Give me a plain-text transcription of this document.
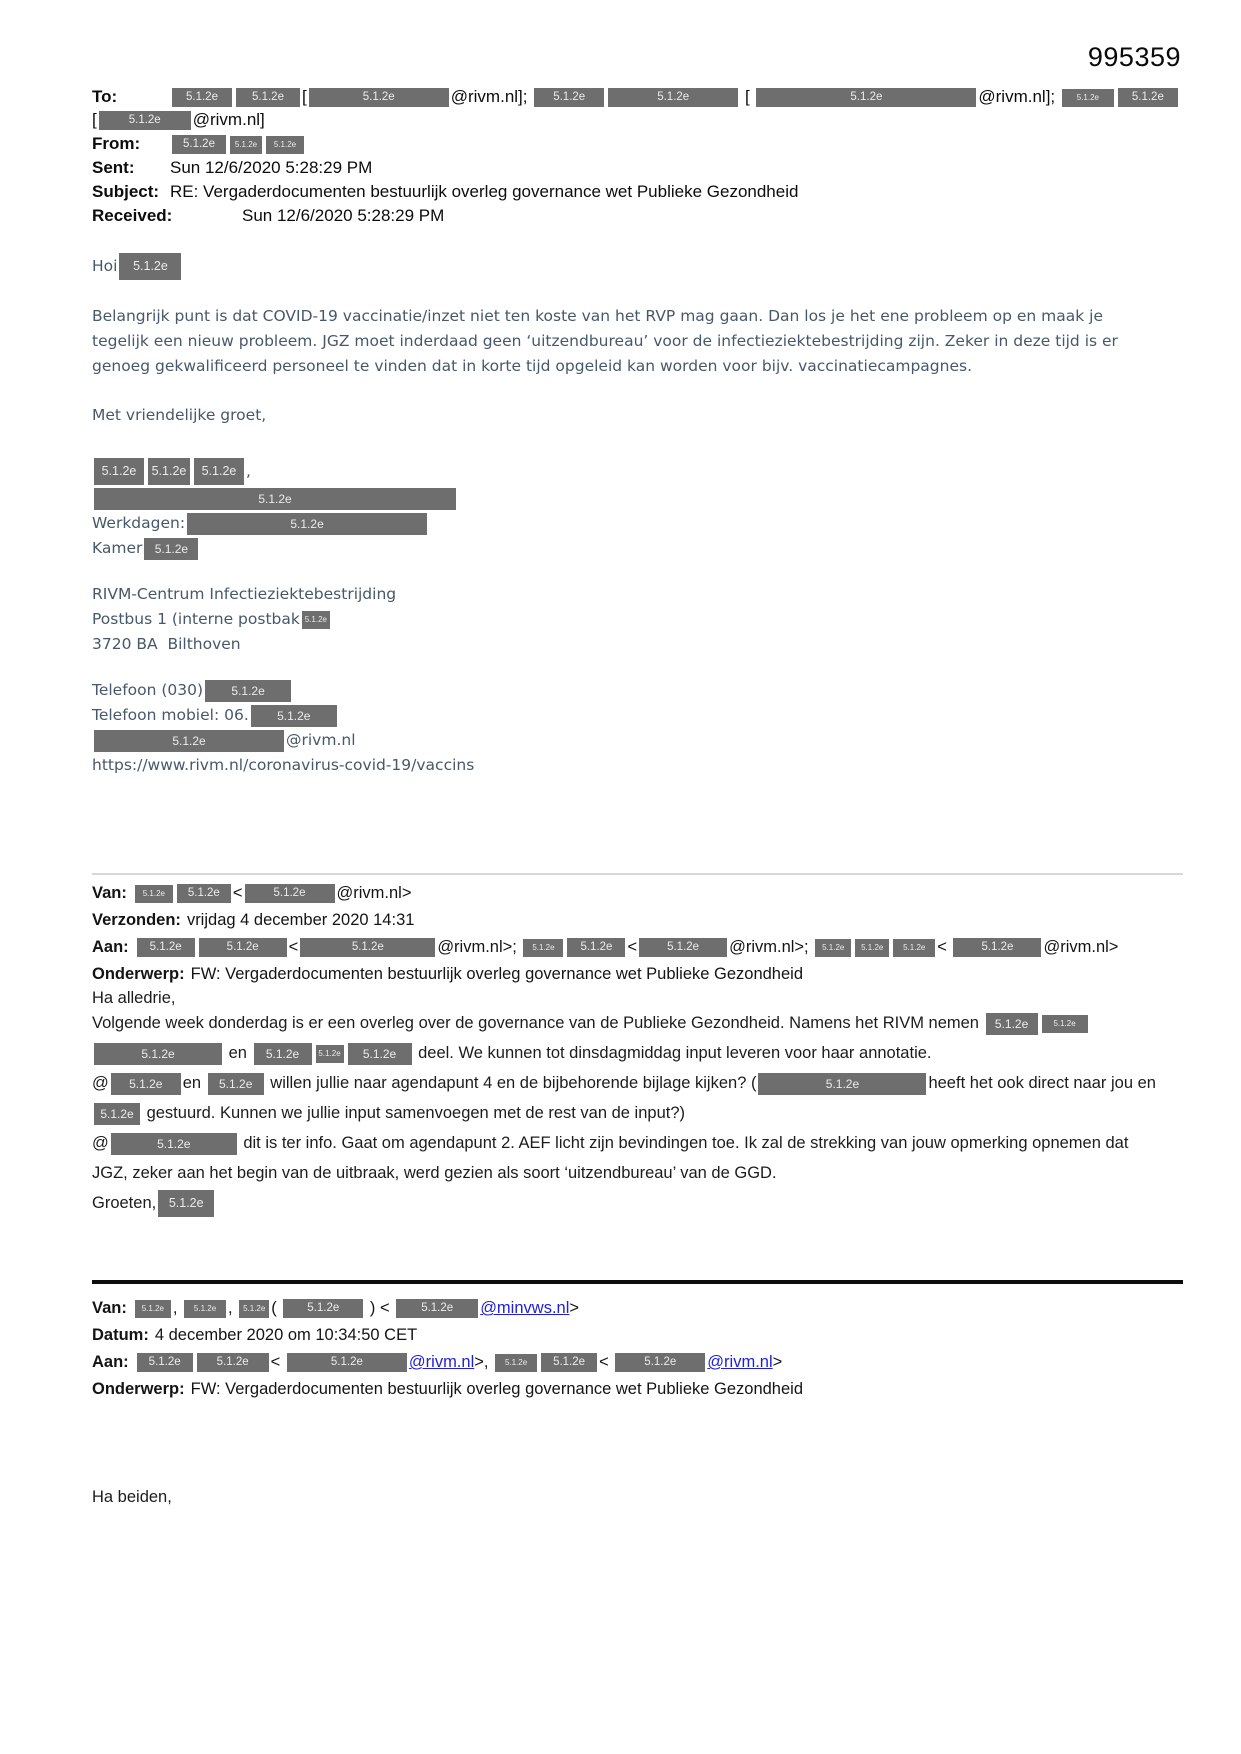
995359

To:	5.1.2e	5.1.2e [	5.1.2e	@rivm.nl]; 5.1.2e	5.1.2e	[	5.1.2e	@rivm.nl]; 5.1.2e	5.1.2e[	5.1.2e @rivm.nl]

From:	5.1.2e 5.1.2e 5.1.2e

Sent: Sun 12/6/2020 5:28:29 PM

Subject: RE: Vergaderdocumenten bestuurlijk overleg governance wet Publieke Gezondheid

Received:	Sun 12/6/2020 5:28:29 PM

Hoi 5.1.2e

Belangrijk punt is dat COVID-19 vaccinatie/inzet niet ten koste van het RVP mag gaan. Dan los je het ene probleem op en maak je tegelijk een nieuw probleem. JGZ moet inderdaad geen ‘uitzendbureau’ voor de infectieziektebestrijding zijn. Zeker in deze tijd is er genoeg gekwalificeerd personeel te vinden dat in korte tijd opgeleid kan worden voor bijv. vaccinatiecampagnes.

Met vriendelijke groet,

5.1.2e 5.1.2e 5.1.2e ,

5.1.2e

Werkdagen:	5.1.2e

Kamer 5.1.2e

RIVM-Centrum Infectieziektebestrijding

Postbus 1 (interne postbak 5.1.2e

3720 BA  Bilthoven

Telefoon (030) 5.1.2e

Telefoon mobiel: 06. 5.1.2e

5.1.2e	@rivm.nl

https://www.rivm.nl/coronavirus-covid-19/vaccins

Van: 5.1.2e 5.1.2e <	5.1.2e @rivm.nl>

Verzonden: vrijdag 4 december 2020 14:31

Aan: 5.1.2e	5.1.2e <	5.1.2e	@rivm.nl>; 5.1.2e 5.1.2e <	5.1.2e @rivm.nl>; 5.1.2e 5.1.2e 5.1.2e <	5.1.2e @rivm.nl>

Onderwerp: FW: Vergaderdocumenten bestuurlijk overleg governance wet Publieke Gezondheid

Ha alledrie,

Volgende week donderdag is er een overleg over de governance van de Publieke Gezondheid. Namens het RIVM nemen 5.1.2e	5.1.2e5.1.2e	en 5.1.2e 5.1.2e 5.1.2e deel. We kunnen tot dinsdagmiddag input leveren voor haar annotatie.

@ 5.1.2e en 5.1.2e willen jullie naar agendapunt 4 en de bijbehorende bijlage kijken? (	5.1.2e	heeft het ook direct naar jou en 5.1.2e gestuurd. Kunnen we jullie input samenvoegen met de rest van de input?)

@	5.1.2e	dit is ter info. Gaat om agendapunt 2. AEF licht zijn bevindingen toe. Ik zal de strekking van jouw opmerking opnemen dat JGZ, zeker aan het begin van de uitbraak, werd gezien als soort ‘uitzendbureau’ van de GGD.

Groeten, 5.1.2e

Van: 5.1.2e , 5.1.2e , 5.1.2e ( 5.1.2e ) < 5.1.2e @minvws.nl>

Datum: 4 december 2020 om 10:34:50 CET

Aan: 5.1.2e	5.1.2e <	5.1.2e	@rivm.nl>, 5.1.2e 5.1.2e <	5.1.2e @rivm.nl>

Onderwerp: FW: Vergaderdocumenten bestuurlijk overleg governance wet Publieke Gezondheid

Ha beiden,
